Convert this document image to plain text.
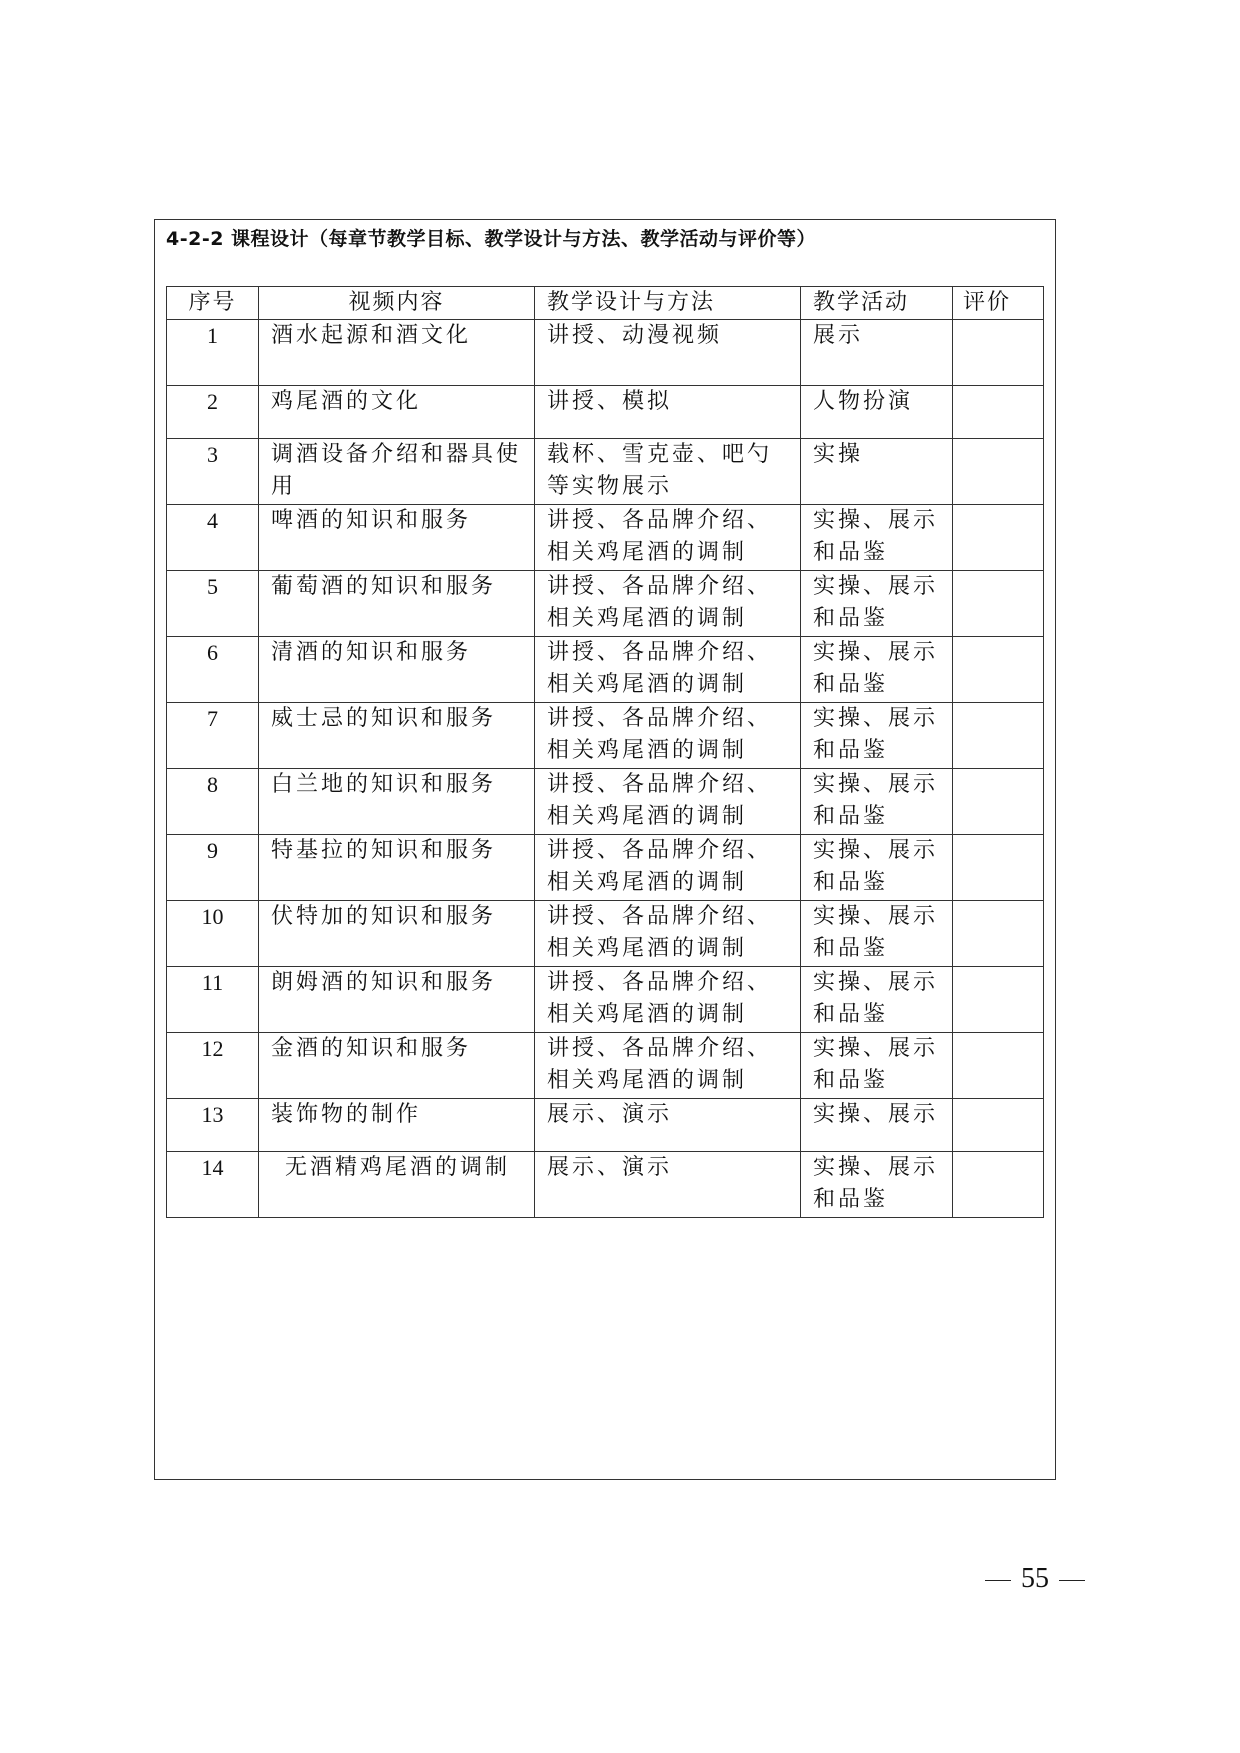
4-2-2 课程设计（每章节教学目标、教学设计与方法、教学活动与评价等）
序号	视频内容	教学设计与方法	教学活动	评价
1	酒水起源和酒文化	讲授、动漫视频	展示	
2	鸡尾酒的文化	讲授、模拟	人物扮演	
3	调酒设备介绍和器具使用	载杯、雪克壶、吧勺等实物展示	实操	
4	啤酒的知识和服务	讲授、各品牌介绍、相关鸡尾酒的调制	实操、展示和品鉴	
5	葡萄酒的知识和服务	讲授、各品牌介绍、相关鸡尾酒的调制	实操、展示和品鉴	
6	清酒的知识和服务	讲授、各品牌介绍、相关鸡尾酒的调制	实操、展示和品鉴	
7	威士忌的知识和服务	讲授、各品牌介绍、相关鸡尾酒的调制	实操、展示和品鉴	
8	白兰地的知识和服务	讲授、各品牌介绍、相关鸡尾酒的调制	实操、展示和品鉴	
9	特基拉的知识和服务	讲授、各品牌介绍、相关鸡尾酒的调制	实操、展示和品鉴	
10	伏特加的知识和服务	讲授、各品牌介绍、相关鸡尾酒的调制	实操、展示和品鉴	
11	朗姆酒的知识和服务	讲授、各品牌介绍、相关鸡尾酒的调制	实操、展示和品鉴	
12	金酒的知识和服务	讲授、各品牌介绍、相关鸡尾酒的调制	实操、展示和品鉴	
13	装饰物的制作	展示、演示	实操、展示	
14	无酒精鸡尾酒的调制	展示、演示	实操、展示和品鉴	
55
